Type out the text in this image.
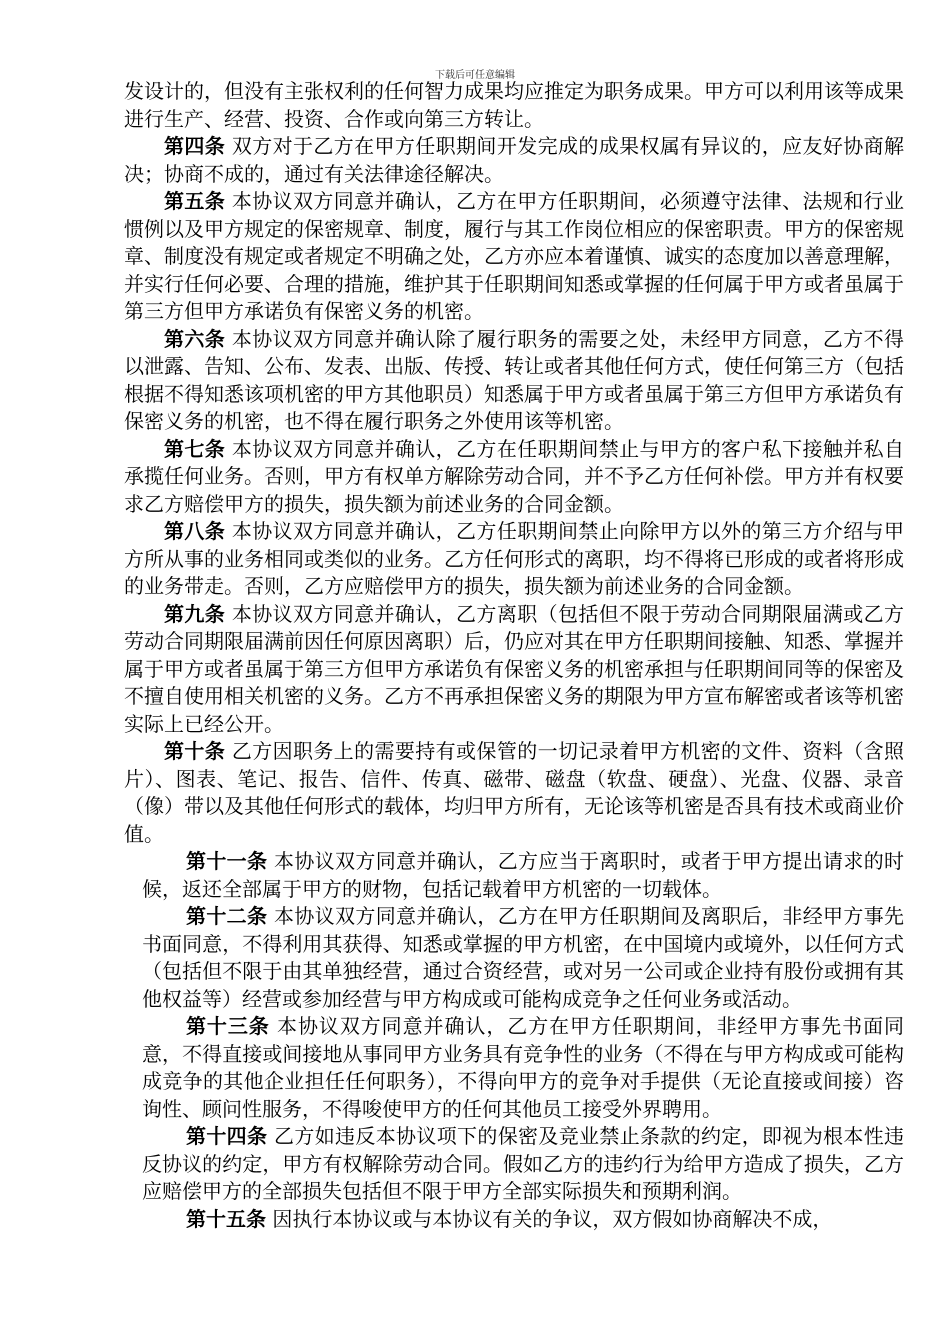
下载后可任意编辑

发设计的，但没有主张权利的任何智力成果均应推定为职务成果。甲方可以利用该等成果进行生产、经营、投资、合作或向第三方转让。

第四条 双方对于乙方在甲方任职期间开发完成的成果权属有异议的，应友好协商解决；协商不成的，通过有关法律途径解决。

第五条 本协议双方同意并确认，乙方在甲方任职期间，必须遵守法律、法规和行业惯例以及甲方规定的保密规章、制度，履行与其工作岗位相应的保密职责。甲方的保密规章、制度没有规定或者规定不明确之处，乙方亦应本着谨慎、诚实的态度加以善意理解，并实行任何必要、合理的措施，维护其于任职期间知悉或掌握的任何属于甲方或者虽属于第三方但甲方承诺负有保密义务的机密。

第六条 本协议双方同意并确认除了履行职务的需要之处，未经甲方同意，乙方不得以泄露、告知、公布、发表、出版、传授、转让或者其他任何方式，使任何第三方（包括根据不得知悉该项机密的甲方其他职员）知悉属于甲方或者虽属于第三方但甲方承诺负有保密义务的机密，也不得在履行职务之外使用该等机密。

第七条 本协议双方同意并确认，乙方在任职期间禁止与甲方的客户私下接触并私自承揽任何业务。否则，甲方有权单方解除劳动合同，并不予乙方任何补偿。甲方并有权要求乙方赔偿甲方的损失，损失额为前述业务的合同金额。

第八条 本协议双方同意并确认，乙方任职期间禁止向除甲方以外的第三方介绍与甲方所从事的业务相同或类似的业务。乙方任何形式的离职，均不得将已形成的或者将形成的业务带走。否则，乙方应赔偿甲方的损失，损失额为前述业务的合同金额。

第九条 本协议双方同意并确认，乙方离职（包括但不限于劳动合同期限届满或乙方劳动合同期限届满前因任何原因离职）后，仍应对其在甲方任职期间接触、知悉、掌握并属于甲方或者虽属于第三方但甲方承诺负有保密义务的机密承担与任职期间同等的保密及不擅自使用相关机密的义务。乙方不再承担保密义务的期限为甲方宣布解密或者该等机密实际上已经公开。

第十条 乙方因职务上的需要持有或保管的一切记录着甲方机密的文件、资料（含照片）、图表、笔记、报告、信件、传真、磁带、磁盘（软盘、硬盘）、光盘、仪器、录音（像）带以及其他任何形式的载体，均归甲方所有，无论该等机密是否具有技术或商业价值。

第十一条 本协议双方同意并确认，乙方应当于离职时，或者于甲方提出请求的时候，返还全部属于甲方的财物，包括记载着甲方机密的一切载体。

第十二条 本协议双方同意并确认，乙方在甲方任职期间及离职后，非经甲方事先书面同意，不得利用其获得、知悉或掌握的甲方机密，在中国境内或境外，以任何方式（包括但不限于由其单独经营，通过合资经营，或对另一公司或企业持有股份或拥有其他权益等）经营或参加经营与甲方构成或可能构成竞争之任何业务或活动。

第十三条 本协议双方同意并确认，乙方在甲方任职期间，非经甲方事先书面同意，不得直接或间接地从事同甲方业务具有竞争性的业务（不得在与甲方构成或可能构成竞争的其他企业担任任何职务），不得向甲方的竞争对手提供（无论直接或间接）咨询性、顾问性服务，不得唆使甲方的任何其他员工接受外界聘用。

第十四条 乙方如违反本协议项下的保密及竞业禁止条款的约定，即视为根本性违反协议的约定，甲方有权解除劳动合同。假如乙方的违约行为给甲方造成了损失，乙方应赔偿甲方的全部损失包括但不限于甲方全部实际损失和预期利润。

第十五条 因执行本协议或与本协议有关的争议，双方假如协商解决不成，
